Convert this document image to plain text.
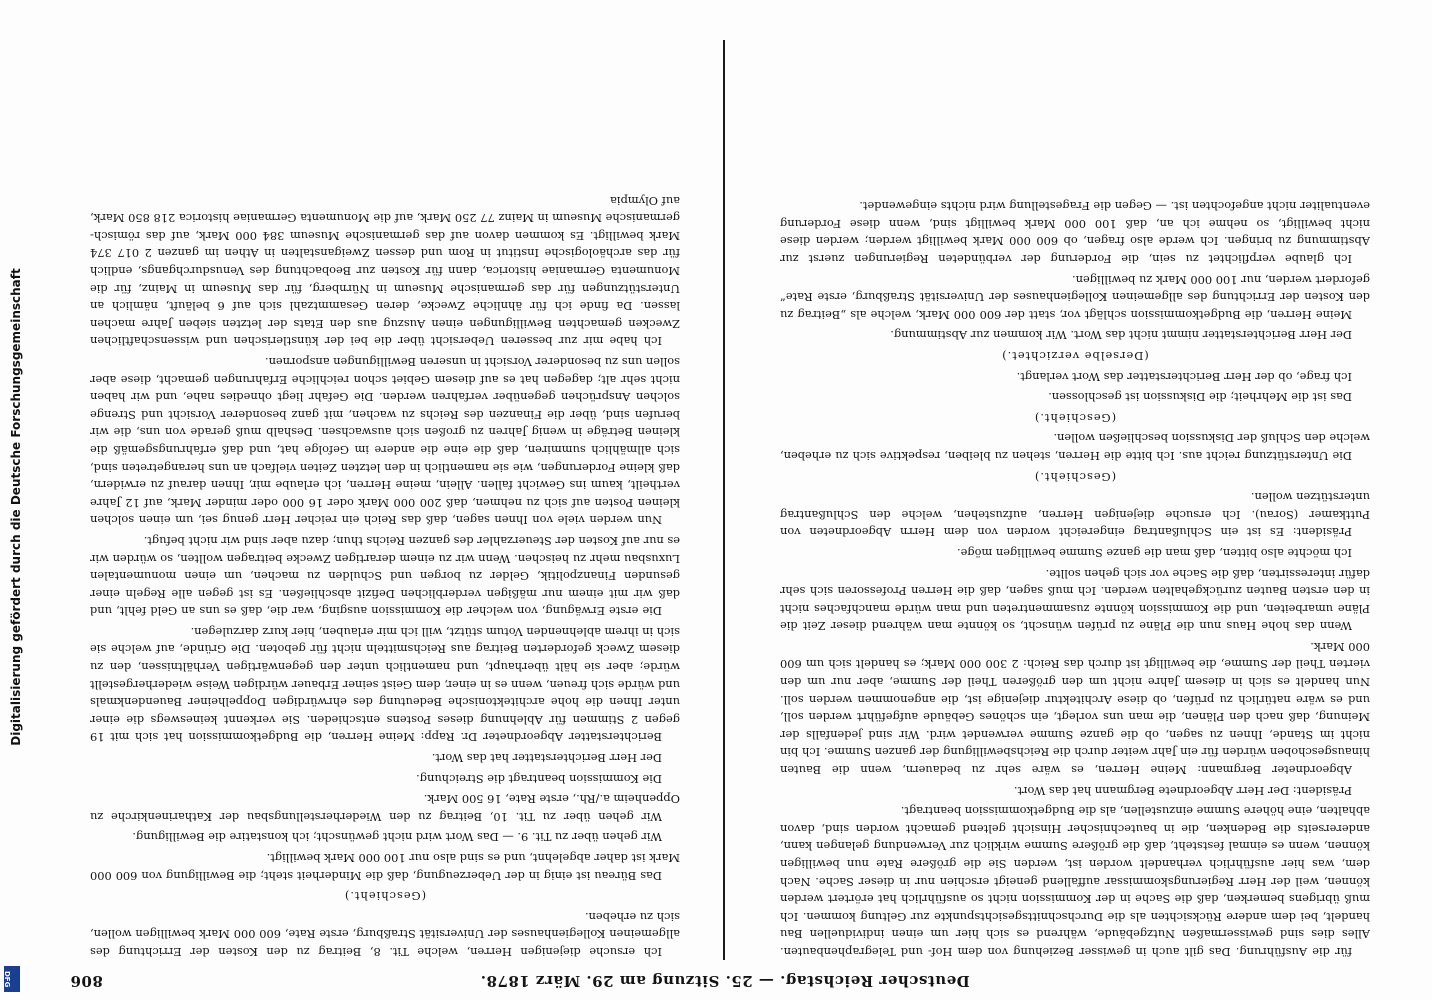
Deutscher Reichstag. — 25. Sitzung am 29. März 1878.
806

für die Ausführung. Das gilt auch in gewisser Beziehung von dem Hof- und Telegraphenbauten. Alles dies sind gewissermaßen Nutzgebäude, während es sich hier um einen individuellen Bau handelt, bei dem andere Rücksichten als die Durchschnittsgesichtspunkte zur Geltung kommen. Ich muß übrigens bemerken, daß die Sache in der Kommission nicht so ausführlich hat erörtert werden können, weil der Herr Regierungskommissar auffallend geneigt erschien nur in dieser Sache. Nach dem, was hier ausführlich verhandelt worden ist, werden Sie die größere Rate nun bewilligen können, wenn es einmal feststeht, daß die größere Summe wirklich zur Verwendung gelangen kann, andererseits die Bedenken, die in bautechnischer Hinsicht geltend gemacht worden sind, davon abhalten, eine höhere Summe einzustellen, als die Budgetkommission beantragt.

Präsident: Der Herr Abgeordnete Bergmann hat das Wort.

Abgeordneter Bergmann: Meine Herren, es wäre sehr zu bedauern, wenn die Bauten hinausgeschoben würden für ein Jahr weiter durch die Reichsbewilligung der ganzen Summe. Ich bin nicht im Stande, Ihnen zu sagen, ob die ganze Summe verwendet wird. Wir sind jedenfalls der Meinung, daß nach den Plänen, die man uns vorlegt, ein schönes Gebäude aufgeführt werden soll, und es wäre natürlich zu prüfen, ob diese Architektur diejenige ist, die angenommen werden soll. Nun handelt es sich in diesem Jahre nicht um den größeren Theil der Summe, aber nur um den vierten Theil der Summe, die bewilligt ist durch das Reich: 2 300 000 Mark; es handelt sich um 600 000 Mark.

Wenn das hohe Haus nun die Pläne zu prüfen wünscht, so könnte man während dieser Zeit die Pläne umarbeiten, und die Kommission könnte zusammentreten und man würde manchfaches nicht in den ersten Bauten zurückgehalten werden. Ich muß sagen, daß die Herren Professoren sich sehr dafür interessirten, daß die Sache vor sich gehen sollte.

Ich möchte also bitten, daß man die ganze Summe bewilligen möge.

Präsident: Es ist ein Schlußantrag eingereicht worden von dem Herrn Abgeordneten von Puttkamer (Sorau). Ich ersuche diejenigen Herren, aufzustehen, welche den Schlußantrag unterstützen wollen.

(Geschieht.)

Die Unterstützung reicht aus. Ich bitte die Herren, stehen zu bleiben, respektive sich zu erheben, welche den Schluß der Diskussion beschließen wollen.

(Geschieht.)

Das ist die Mehrheit; die Diskussion ist geschlossen.

Ich frage, ob der Herr Berichterstatter das Wort verlangt.

(Derselbe verzichtet.)

Der Herr Berichterstatter nimmt nicht das Wort. Wir kommen zur Abstimmung.

Meine Herren, die Budgetkommission schlägt vor, statt der 600 000 Mark, welche als „Beitrag zu den Kosten der Errichtung des allgemeinen Kollegienhauses der Universität Straßburg, erste Rate“ gefordert werden, nur 100 000 Mark zu bewilligen.

Ich glaube verpflichtet zu sein, die Forderung der verbündeten Regierungen zuerst zur Abstimmung zu bringen. Ich werde also fragen, ob 600 000 Mark bewilligt werden; werden diese nicht bewilligt, so nehme ich an, daß 100 000 Mark bewilligt sind, wenn diese Forderung eventualiter nicht angefochten ist. — Gegen die Fragestellung wird nichts eingewendet.

Ich ersuche diejenigen Herren, welche Tit. 8, Beitrag zu den Kosten der Errichtung des allgemeinen Kollegienhauses der Universität Straßburg, erste Rate, 600 000 Mark bewilligen wollen, sich zu erheben.

(Geschieht.)

Das Büreau ist einig in der Ueberzeugung, daß die Minderheit steht; die Bewilligung von 600 000 Mark ist daher abgelehnt, und es sind also nur 100 000 Mark bewilligt.

Wir gehen über zu Tit. 9. — Das Wort wird nicht gewünscht; ich konstatire die Bewilligung.

Wir gehen über zu Tit. 10, Beitrag zu den Wiederherstellungsbau der Katharinenkirche zu Oppenheim a./Rh., erste Rate, 16 500 Mark.

Die Kommission beantragt die Streichung.

Der Herr Berichterstatter hat das Wort.

Berichterstatter Abgeordneter Dr. Rapp: Meine Herren, die Budgetkommission hat sich mit 19 gegen 2 Stimmen für Ablehnung dieses Postens entschieden. Sie verkennt keineswegs die einer unter Ihnen die hohe architektonische Bedeutung des ehrwürdigen Doppelheiner Bauendenkmals und würde sich freuen, wenn es in einer, dem Geist seiner Erbauer würdigen Weise wiederhergestellt würde; aber sie hält überhaupt, und namentlich unter den gegenwärtigen Verhältnissen, den zu diesem Zweck geforderten Beitrag aus Reichsmitteln nicht für geboten. Die Gründe, auf welche sie sich in ihrem ablehnenden Votum stützt, will ich mir erlauben, hier kurz darzulegen.

Die erste Erwägung, von welcher die Kommission ausging, war die, daß es uns an Geld fehlt, und daß wir mit einem nur mäßigen verderblichen Defizit abschließen. Es ist gegen alle Regeln einer gesunden Finanzpolitik, Gelder zu borgen und Schulden zu machen, um einen monumentalen Luxusbau mehr zu heischen. Wenn wir zu einem derartigen Zwecke beitragen wollten, so würden wir es nur auf Kosten der Steuerzahler des ganzen Reichs thun; dazu aber sind wir nicht befugt.

Nun werden viele von Ihnen sagen, daß das Reich ein reicher Herr genug sei, um einen solchen kleinen Posten auf sich zu nehmen, daß 200 000 Mark oder 16 000 oder minder Mark, auf 12 Jahre vertheilt, kaum ins Gewicht fallen. Allein, meine Herren, ich erlaube mir, Ihnen darauf zu erwidern, daß kleine Forderungen, wie sie namentlich in den letzten Zeiten vielfach an uns herangetreten sind, sich allmählich summiren, daß die eine die andere im Gefolge hat, und daß erfahrungsgemäß die kleinen Beträge in wenig Jahren zu großen sich auswachsen. Deshalb muß gerade von uns, die wir berufen sind, über die Finanzen des Reichs zu wachen, mit ganz besonderer Vorsicht und Strenge solchen Ansprüchen gegenüber verfahren werden. Die Gefahr liegt ohnedies nahe, und wir haben nicht sehr alt; dagegen hat es auf diesem Gebiet schon reichliche Erfahrungen gemacht, diese aber sollen uns zu besonderer Vorsicht in unseren Bewilligungen anspornen.

Ich habe mir zur besseren Uebersicht über die bei der künstlerischen und wissenschaftlichen Zwecken gemachten Bewilligungen einen Auszug aus den Etats der letzten sieben Jahre machen lassen. Da finde ich für ähnliche Zwecke, deren Gesammtzahl sich auf 6 beläuft, nämlich an Unterstützungen für das germanische Museum in Nürnberg, für das Museum in Mainz, für die Monumenta Germaniae historica, dann für Kosten zur Beobachtung des Venusdurchgangs, endlich für das archäologische Institut in Rom und dessen Zweiganstalten in Athen im ganzen 2 017 374 Mark bewilligt. Es kommen davon auf das germanische Museum 384 000 Mark, auf das römisch-germanische Museum in Mainz 77 250 Mark, auf die Monumenta Germaniae historica 218 850 Mark, auf Olympia

Digitalisierung gefördert durch die Deutsche Forschungsgemeinschaft
DFG
